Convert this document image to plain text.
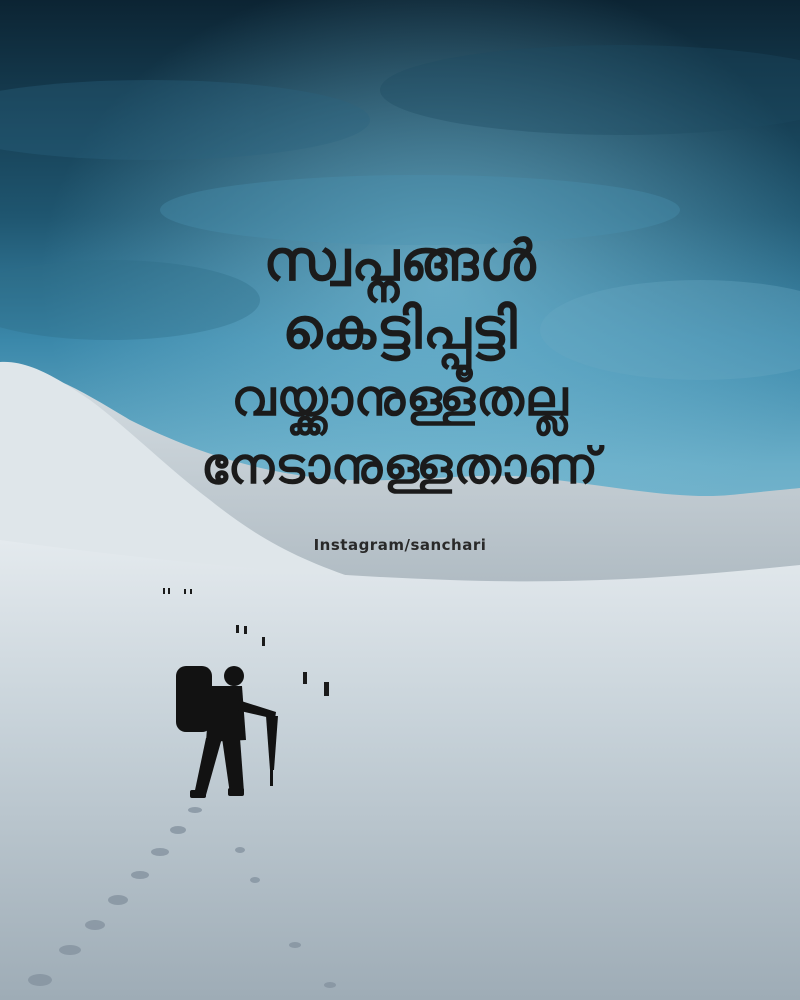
സ്വപ്നങ്ങൾ
കെട്ടിപ്പൂട്ടി
വയ്ക്കാനുള്ളതല്ല
നേടാനുള്ളതാണ്
Instagram/sanchari
